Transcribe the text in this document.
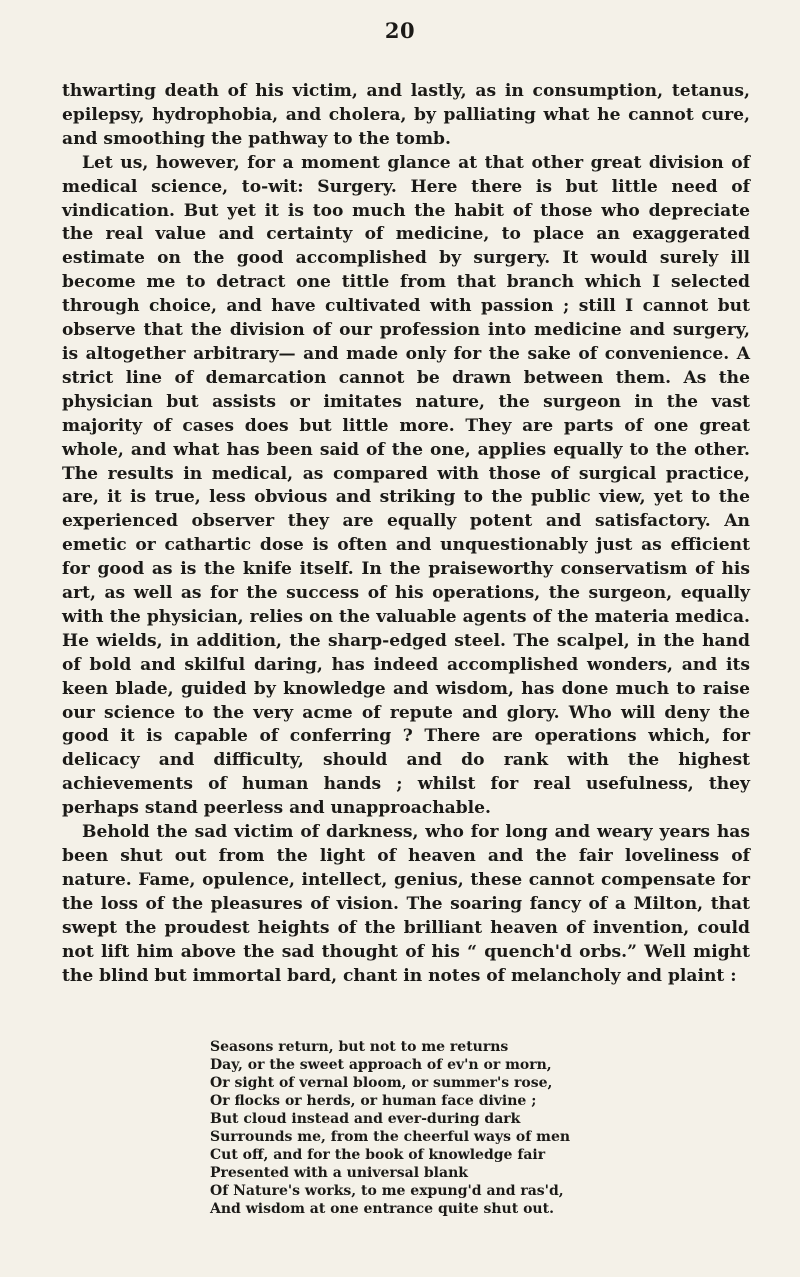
20

thwarting death of his victim, and lastly, as in consumption, tetanus, epilepsy, hydrophobia, and cholera, by palliating what he cannot cure, and smoothing the pathway to the tomb.

Let us, however, for a moment glance at that other great division of medical science, to-wit: Surgery. Here there is but little need of vindication. But yet it is too much the habit of those who depreciate the real value and certainty of medicine, to place an exaggerated estimate on the good accomplished by surgery. It would surely ill become me to detract one tittle from that branch which I selected through choice, and have cultivated with passion ; still I cannot but observe that the division of our profession into medicine and surgery, is altogether arbitrary— and made only for the sake of convenience. A strict line of demarcation cannot be drawn between them. As the physician but assists or imitates nature, the surgeon in the vast majority of cases does but little more. They are parts of one great whole, and what has been said of the one, applies equally to the other. The results in medical, as compared with those of surgical practice, are, it is true, less obvious and striking to the public view, yet to the experienced observer they are equally potent and satisfactory. An emetic or cathartic dose is often and unquestionably just as efficient for good as is the knife itself. In the praiseworthy conservatism of his art, as well as for the success of his operations, the surgeon, equally with the physician, relies on the valuable agents of the materia medica. He wields, in addition, the sharp-edged steel. The scalpel, in the hand of bold and skilful daring, has indeed accomplished wonders, and its keen blade, guided by knowledge and wisdom, has done much to raise our science to the very acme of repute and glory. Who will deny the good it is capable of conferring ? There are operations which, for delicacy and difficulty, should and do rank with the highest achievements of human hands ; whilst for real usefulness, they perhaps stand peerless and unapproachable.

Behold the sad victim of darkness, who for long and weary years has been shut out from the light of heaven and the fair loveliness of nature. Fame, opulence, intellect, genius, these cannot compensate for the loss of the pleasures of vision. The soaring fancy of a Milton, that swept the proudest heights of the brilliant heaven of invention, could not lift him above the sad thought of his “ quench'd orbs.” Well might the blind but immortal bard, chant in notes of melancholy and plaint :

Seasons return, but not to me returns
Day, or the sweet approach of ev'n or morn,
Or sight of vernal bloom, or summer's rose,
Or flocks or herds, or human face divine ;
But cloud instead and ever-during dark
Surrounds me, from the cheerful ways of men
Cut off, and for the book of knowledge fair
Presented with a universal blank
Of Nature's works, to me expung'd and ras'd,
And wisdom at one entrance quite shut out.
